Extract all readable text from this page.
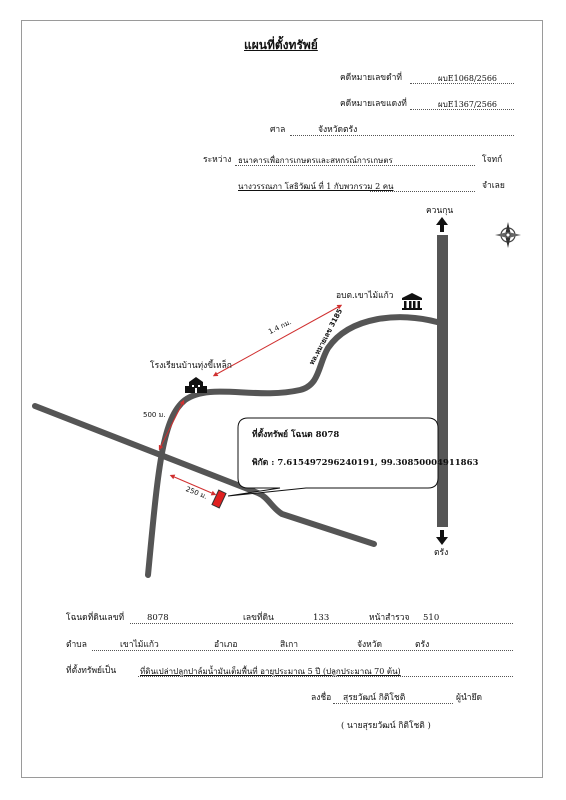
แผนที่ตั้งทรัพย์
คดีหมายเลขดำที่	ผบE1068/2566
คดีหมายเลขแดงที่	ผบE1367/2566
ศาล	จังหวัดตรัง
ระหว่าง ธนาคารเพื่อการเกษตรและสหกรณ์การเกษตร	โจทก์
นางวรรณภา โสธิวัฒน์ ที่ 1 กับพวกรวม 2 คน	จำเลย
ควนกุน
ตรัง
อบต.เขาไม้แก้ว
โรงเรียนบ้านทุ่งขี้เหล็ก	ทล.หมายเลข 3185
1.4 กม.
500 ม.
250 ม.
ที่ตั้งทรัพย์ โฉนด 8078
พิกัด : 7.615497296240191, 99.30850004911863
โฉนดที่ดินเลขที่	8078	เลขที่ดิน	133	หน้าสำรวจ 510
ตำบล	เขาไม้แก้ว	อำเภอ	สิเกา	จังหวัด	ตรัง
ที่ตั้งทรัพย์เป็น	ที่ดินเปล่าปลูกปาล์มน้ำมันเต็มพื้นที่ อายุประมาณ 5 ปี (ปลูกประมาณ 70 ต้น)
ลงชื่อ สุรยวัฒน์ กิติโชติ	ผู้นำยึด
( นายสุรยวัฒน์ กิติโชติ )
